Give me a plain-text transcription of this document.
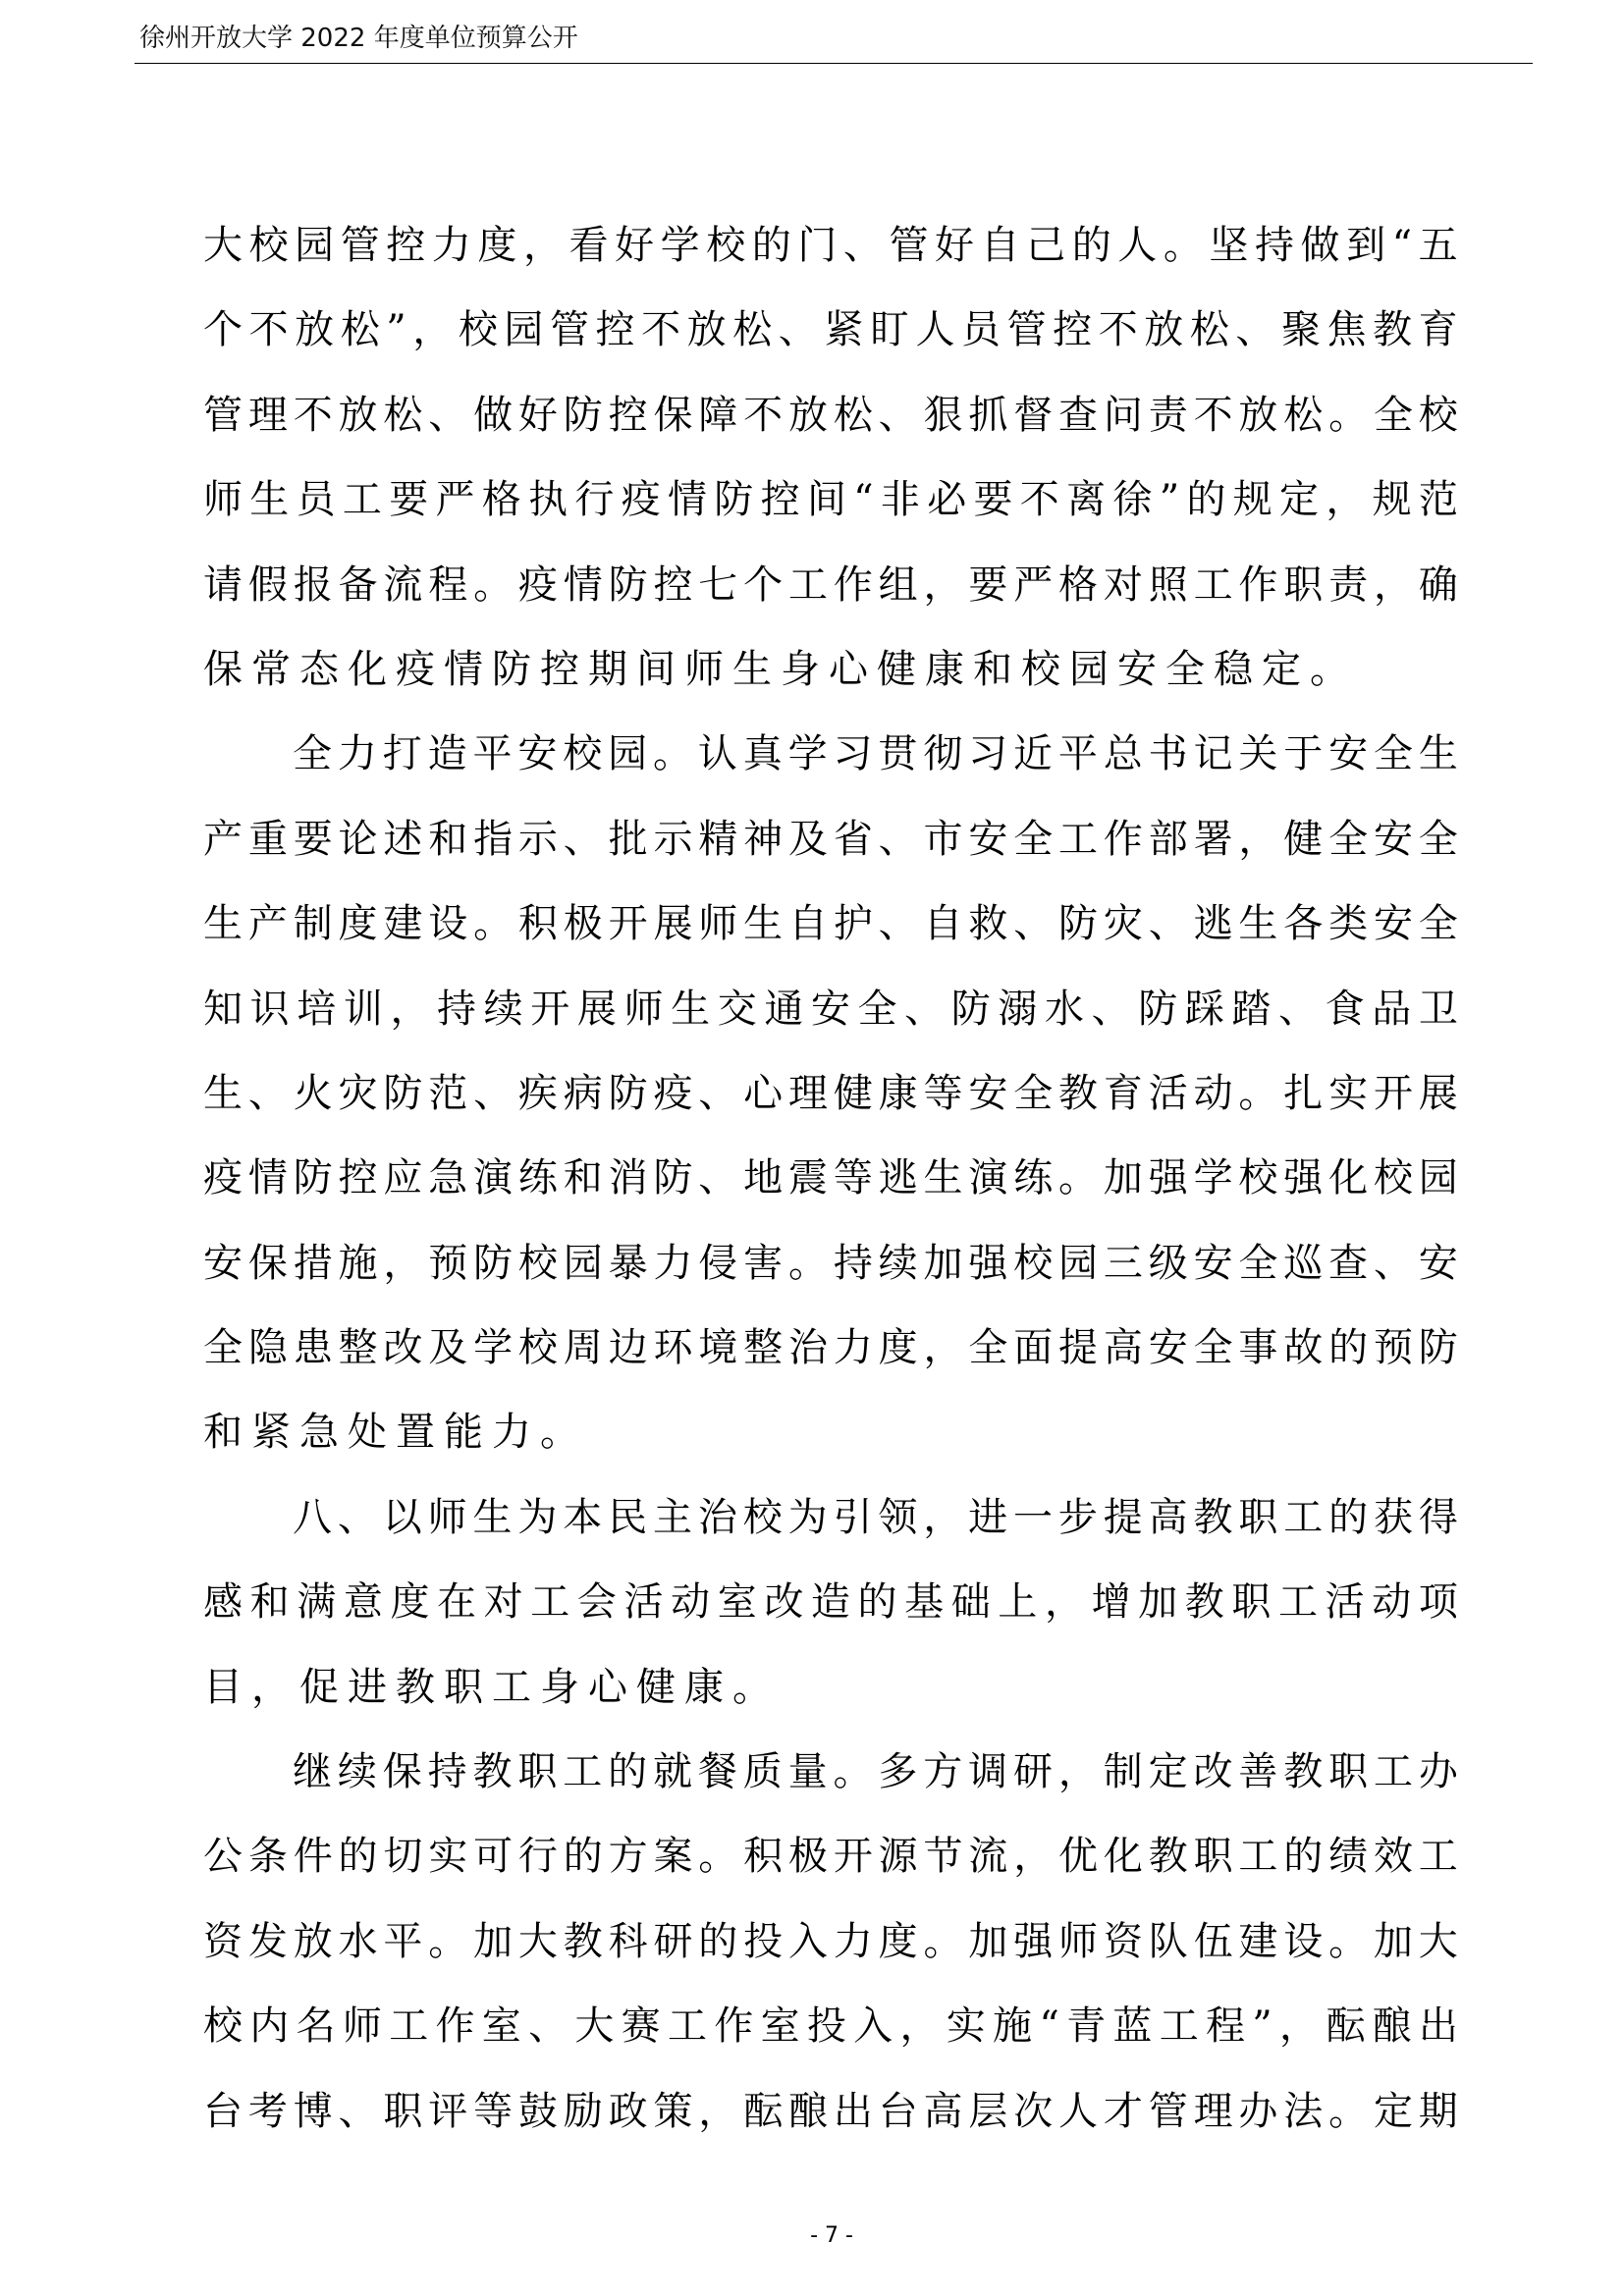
徐州开放大学 2022 年度单位预算公开
大 校 园 管 控 力 度 ， 看 好 学 校 的 门 、 管 好 自 己 的 人 。 坚 持 做 到 “ 五
个 不 放 松 ” ， 校 园 管 控 不 放 松 、 紧 盯 人 员 管 控 不 放 松 、 聚 焦 教 育
管 理 不 放 松 、 做 好 防 控 保 障 不 放 松 、 狠 抓 督 查 问 责 不 放 松 。 全 校
师 生 员 工 要 严 格 执 行 疫 情 防 控 间 “ 非 必 要 不 离 徐 ” 的 规 定 ， 规 范
请 假 报 备 流 程 。 疫 情 防 控 七 个 工 作 组 ， 要 严 格 对 照 工 作 职 责 ， 确
保 常 态 化 疫 情 防 控 期 间 师 生 身 心 健 康 和 校 园 安 全 稳 定 。
全 力 打 造 平 安 校 园 。 认 真 学 习 贯 彻 习 近 平 总 书 记 关 于 安 全 生
产 重 要 论 述 和 指 示 、 批 示 精 神 及 省 、 市 安 全 工 作 部 署 ， 健 全 安 全
生 产 制 度 建 设 。 积 极 开 展 师 生 自 护 、 自 救 、 防 灾 、 逃 生 各 类 安 全
知 识 培 训 ， 持 续 开 展 师 生 交 通 安 全 、 防 溺 水 、 防 踩 踏 、 食 品 卫
生 、 火 灾 防 范 、 疾 病 防 疫 、 心 理 健 康 等 安 全 教 育 活 动 。 扎 实 开 展
疫 情 防 控 应 急 演 练 和 消 防 、 地 震 等 逃 生 演 练 。 加 强 学 校 强 化 校 园
安 保 措 施 ， 预 防 校 园 暴 力 侵 害 。 持 续 加 强 校 园 三 级 安 全 巡 查 、 安
全 隐 患 整 改 及 学 校 周 边 环 境 整 治 力 度 ， 全 面 提 高 安 全 事 故 的 预 防
和 紧 急 处 置 能 力 。
八 、 以 师 生 为 本 民 主 治 校 为 引 领 ， 进 一 步 提 高 教 职 工 的 获 得
感 和 满 意 度 在 对 工 会 活 动 室 改 造 的 基 础 上 ， 增 加 教 职 工 活 动 项
目 ， 促 进 教 职 工 身 心 健 康 。
继 续 保 持 教 职 工 的 就 餐 质 量 。 多 方 调 研 ， 制 定 改 善 教 职 工 办
公 条 件 的 切 实 可 行 的 方 案 。 积 极 开 源 节 流 ， 优 化 教 职 工 的 绩 效 工
资 发 放 水 平 。 加 大 教 科 研 的 投 入 力 度 。 加 强 师 资 队 伍 建 设 。 加 大
校 内 名 师 工 作 室 、 大 赛 工 作 室 投 入 ， 实 施 “ 青 蓝 工 程 ” ， 酝 酿 出
台 考 博 、 职 评 等 鼓 励 政 策 ， 酝 酿 出 台 高 层 次 人 才 管 理 办 法 。 定 期
- 7 -
